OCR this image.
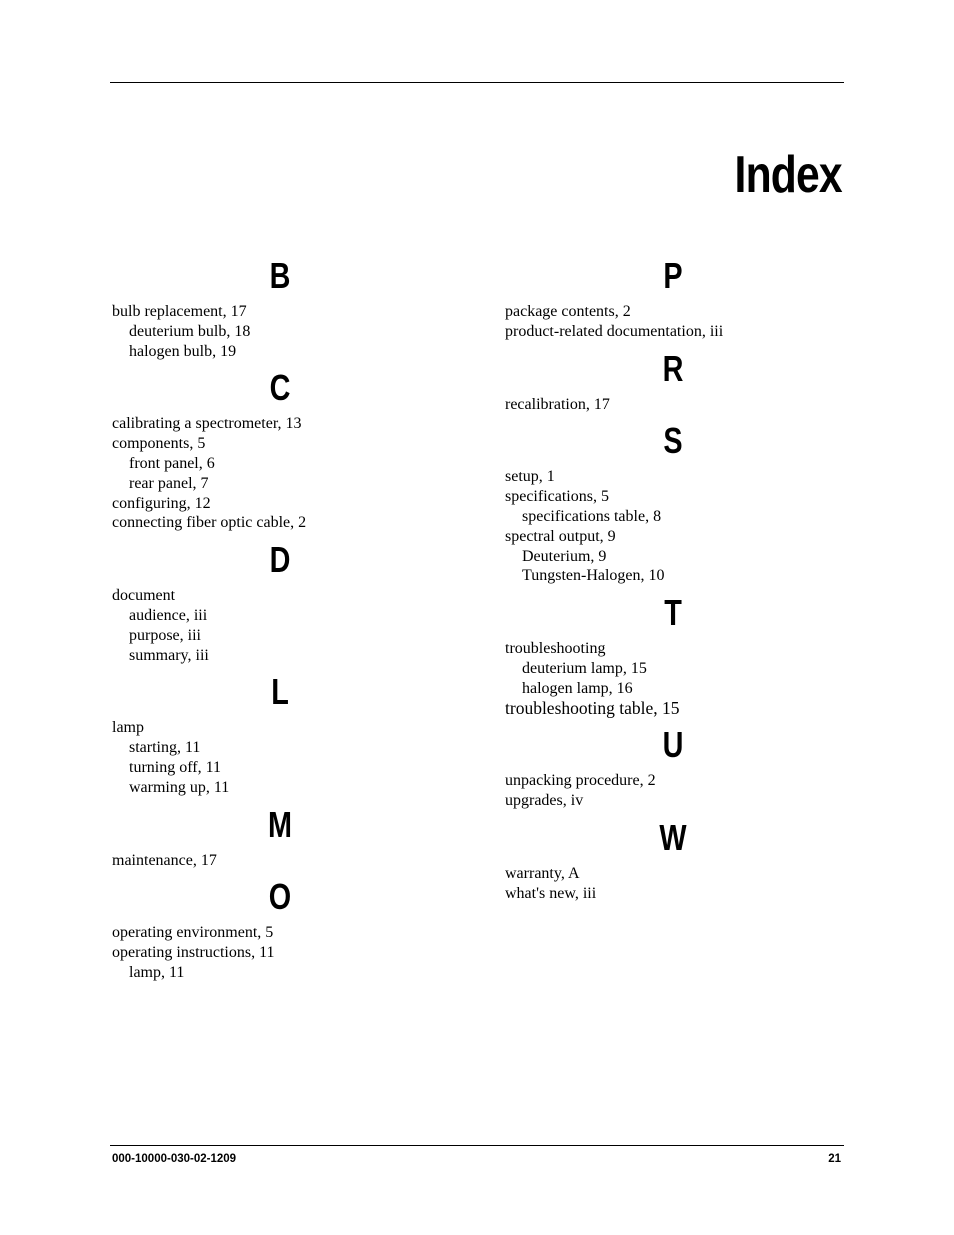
Index
B
bulb replacement, 17
deuterium bulb, 18
halogen bulb, 19
C
calibrating a spectrometer, 13
components, 5
front panel, 6
rear panel, 7
configuring, 12
connecting fiber optic cable, 2
D
document
audience, iii
purpose, iii
summary, iii
L
lamp
starting, 11
turning off, 11
warming up, 11
M
maintenance, 17
O
operating environment, 5
operating instructions, 11
lamp, 11
P
package contents, 2
product-related documentation, iii
R
recalibration, 17
S
setup, 1
specifications, 5
specifications table, 8
spectral output, 9
Deuterium, 9
Tungsten-Halogen, 10
T
troubleshooting
deuterium lamp, 15
halogen lamp, 16
troubleshooting table, 15
U
unpacking procedure, 2
upgrades, iv
W
warranty, A
what's new, iii
000-10000-030-02-1209	21
